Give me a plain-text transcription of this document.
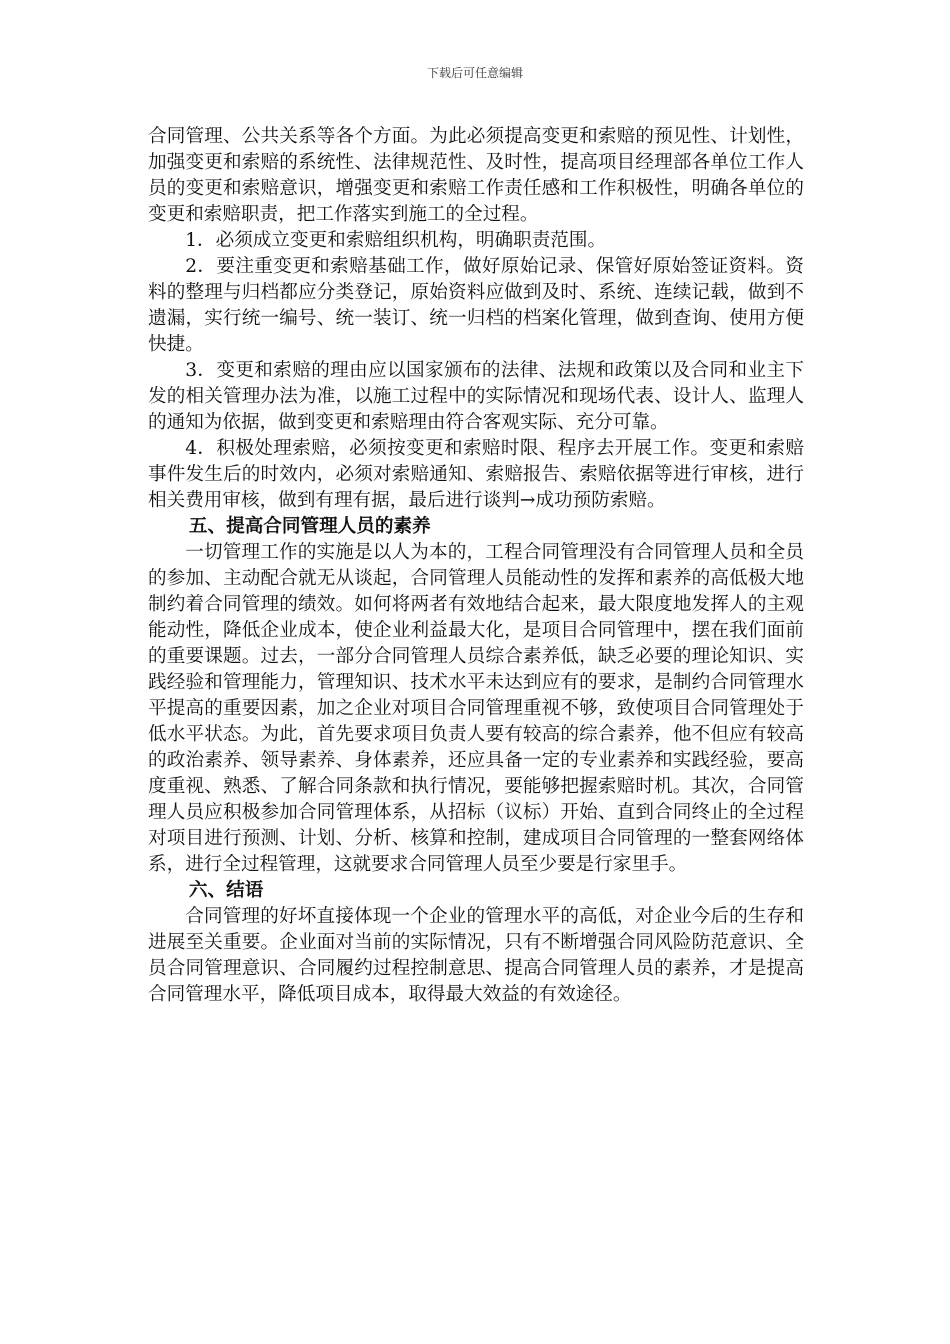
下载后可任意编辑

合同管理、公共关系等各个方面。为此必须提高变更和索赔的预见性、计划性，加强变更和索赔的系统性、法律规范性、及时性，提高项目经理部各单位工作人员的变更和索赔意识，增强变更和索赔工作责任感和工作积极性，明确各单位的变更和索赔职责，把工作落实到施工的全过程。

1．必须成立变更和索赔组织机构，明确职责范围。

2．要注重变更和索赔基础工作，做好原始记录、保管好原始签证资料。资料的整理与归档都应分类登记，原始资料应做到及时、系统、连续记载，做到不遗漏，实行统一编号、统一装订、统一归档的档案化管理，做到查询、使用方便快捷。

3．变更和索赔的理由应以国家颁布的法律、法规和政策以及合同和业主下发的相关管理办法为准，以施工过程中的实际情况和现场代表、设计人、监理人的通知为依据，做到变更和索赔理由符合客观实际、充分可靠。

4．积极处理索赔，必须按变更和索赔时限、程序去开展工作。变更和索赔事件发生后的时效内，必须对索赔通知、索赔报告、索赔依据等进行审核，进行相关费用审核，做到有理有据，最后进行谈判→成功预防索赔。

五、提高合同管理人员的素养

一切管理工作的实施是以人为本的，工程合同管理没有合同管理人员和全员的参加、主动配合就无从谈起，合同管理人员能动性的发挥和素养的高低极大地制约着合同管理的绩效。如何将两者有效地结合起来，最大限度地发挥人的主观能动性，降低企业成本，使企业利益最大化，是项目合同管理中，摆在我们面前的重要课题。过去，一部分合同管理人员综合素养低，缺乏必要的理论知识、实践经验和管理能力，管理知识、技术水平未达到应有的要求，是制约合同管理水平提高的重要因素，加之企业对项目合同管理重视不够，致使项目合同管理处于低水平状态。为此，首先要求项目负责人要有较高的综合素养，他不但应有较高的政治素养、领导素养、身体素养，还应具备一定的专业素养和实践经验，要高度重视、熟悉、了解合同条款和执行情况，要能够把握索赔时机。其次，合同管理人员应积极参加合同管理体系，从招标（议标）开始、直到合同终止的全过程对项目进行预测、计划、分析、核算和控制，建成项目合同管理的一整套网络体系，进行全过程管理，这就要求合同管理人员至少要是行家里手。

六、结语

合同管理的好坏直接体现一个企业的管理水平的高低，对企业今后的生存和进展至关重要。企业面对当前的实际情况，只有不断增强合同风险防范意识、全员合同管理意识、合同履约过程控制意思、提高合同管理人员的素养，才是提高合同管理水平，降低项目成本，取得最大效益的有效途径。
